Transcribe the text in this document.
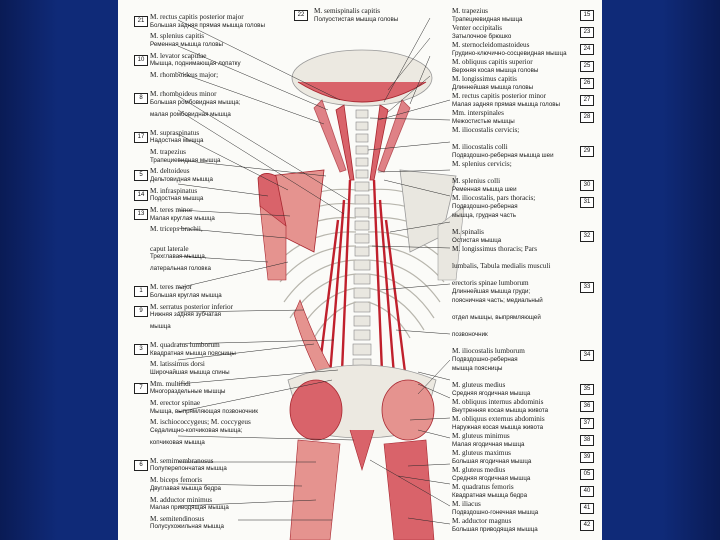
21 M. rectus capitis posterior major
Большая задняя прямая мышца головы
M. splenius capitis
Ременная мышца головы
10 M. levator scapulae
Мышца, поднимающая лопатку
M. rhomboideus major;
8	M. rhomboideus minor
Большая ромбовидная мышца;
малая ромбовидная мышца
17 M. supraspinatus
Надостная мышца
M. trapezius
Трапециевидная мышца
5	M. deltoideus
Дельтовидная мышца
14 M. infraspinatus
Подостная мышца
13 M. teres minor
Малая круглая мышца
M. triceps brachii,
caput laterale
Трехглавая мышца,
латеральная головка
1	M. teres major
Большая круглая мышца
9	M. serratus posterior inferior
Нижняя задняя зубчатая
мышца
3	M. quadratus lumborum
Квадратная мышца поясницы
M. latissimus dorsi
Широчайшая мышца спины
7	Mm. multifidi
Многораздельные мышцы
M. erector spinae
Мышца, выпрямляющая позвоночник
M. ischiococcygeus; M. coccygeus
Седалищно-копчиковая мышца;
копчиковая мышца
6	M. semimembranosus
Полуперепончатая мышца
M. biceps femoris
Двуглавая мышца бедра
M. adductor minimus
Малая приводящая мышца
M. semitendinosus
Полусухожильная мышца
22	M. semispinalis capitis
Полуостистая мышца головы
15
M. trapezius
Трапециевидная мышца
23
Venter occipitalis
Затылочное брюшко
24
M. sternocleidomastoideus
Грудино-ключично-сосцевидная мышца
25
M. obliquus capitis superior
Верхняя косая мышца головы
26
M. longissimus capitis
Длиннейшая мышца головы
27
M. rectus capitis posterior minor
Малая задняя прямая мышца головы
28
Mm. interspinales
Межостистые мышцы
M. iliocostalis cervicis;
29
M. iliocostalis colli
Подвздошно-реберная мышца шеи
M. splenius cervicis;
30
M. splenius colli
Ременная мышца шеи
31
M. iliocostalis, pars thoracis;
Подвздошно-реберная
мышца, грудная часть
32
M. spinalis
Остистая мышца
M. longissimus thoracis; Pars
lumbalis, Tabula medialis musculi
33
erectoris spinae lumborum
Длиннейшая мышца груди;
поясничная часть; медиальный
отдел мышцы, выпрямляющей
позвоночник
34
M. iliocostalis lumborum
Подвздошно-реберная
мышца поясницы
35
M. gluteus medius
Средняя ягодичная мышца
36
M. obliquus internus abdominis
Внутренняя косая мышца живота
37
M. obliquus externus abdominis
Наружная косая мышца живота
38
M. gluteus minimus
Малая ягодичная мышца
39
M. gluteus maximus
Большая ягодичная мышца
05
M. gluteus medius
Средняя ягодичная мышца
40
M. quadratus femoris
Квадратная мышца бедра
41
M. iliacus
Подвздошно-гонечная мышца
42
M. adductor magnus
Большая приводящая мышца
